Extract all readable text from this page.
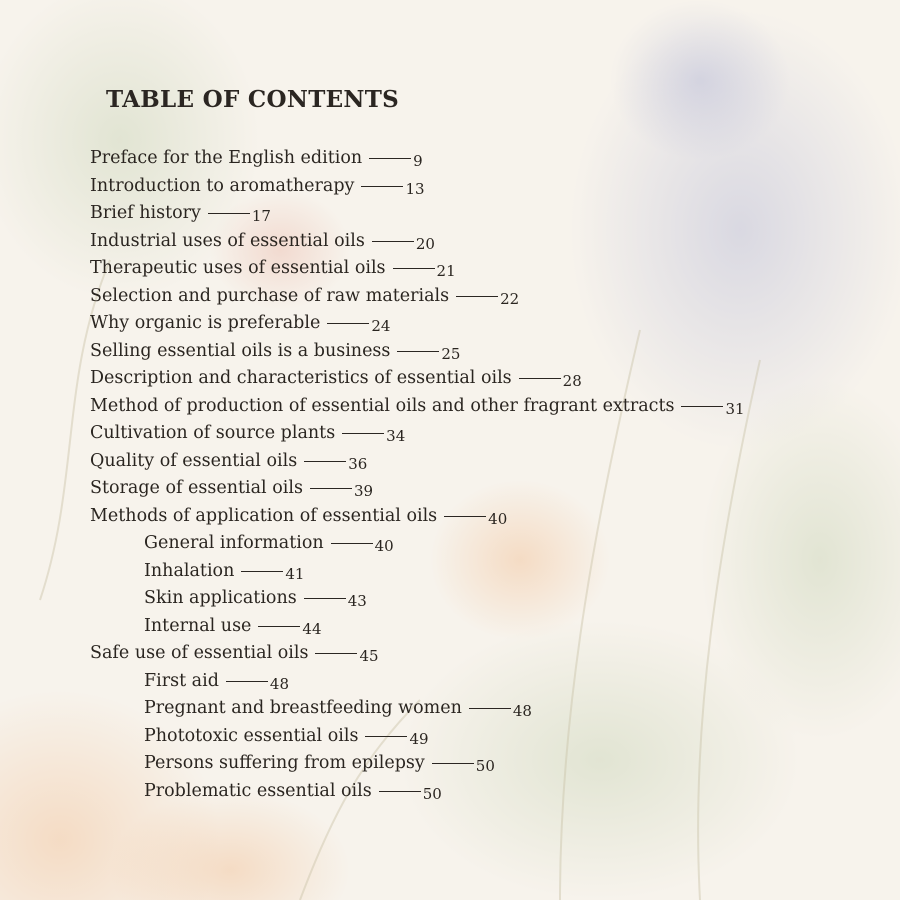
TABLE OF CONTENTS
Preface for the English edition	9
Introduction to aromatherapy	13
Brief history	17
Industrial uses of essential oils	20
Therapeutic uses of essential oils	21
Selection and purchase of raw materials	22
Why organic is preferable	24
Selling essential oils is a business	25
Description and characteristics of essential oils	28
Method of production of essential oils and other fragrant extracts	31
Cultivation of source plants	34
Quality of essential oils	36
Storage of essential oils	39
Methods of application of essential oils	40
General information	40
Inhalation	41
Skin applications	43
Internal use	44
Safe use of essential oils	45
First aid	48
Pregnant and breastfeeding women	48
Phototoxic essential oils	49
Persons suffering from epilepsy	50
Problematic essential oils	50
